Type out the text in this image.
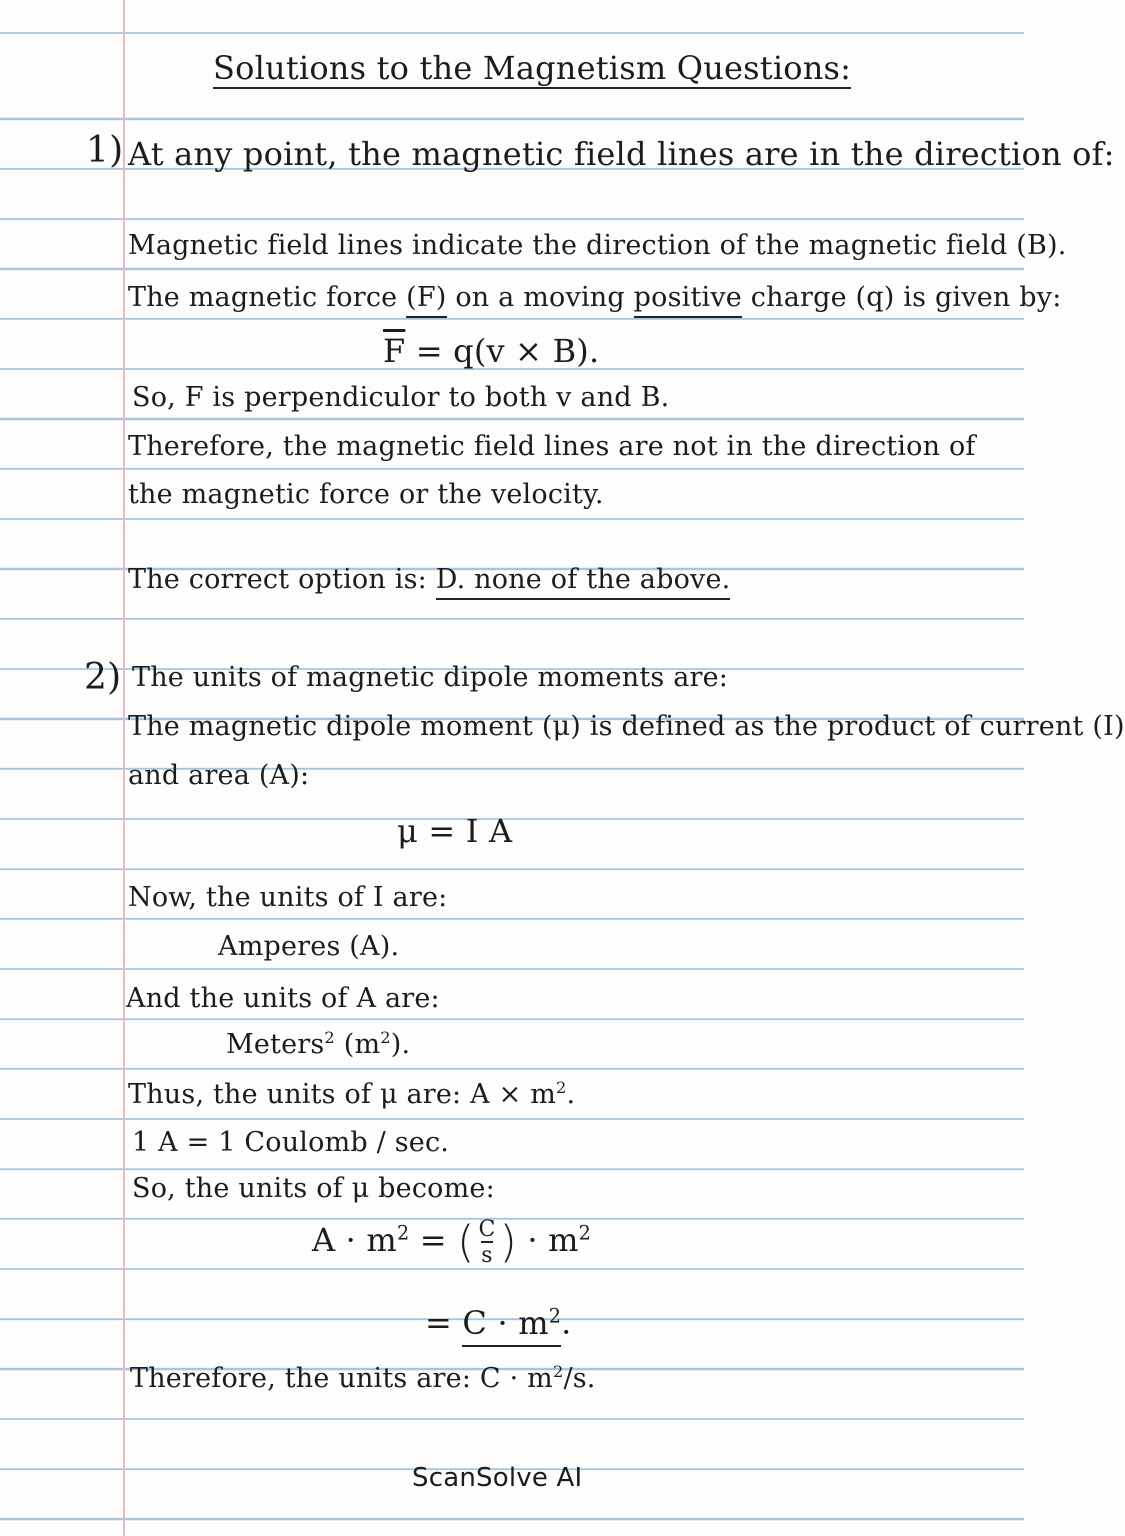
Solutions to the Magnetism Questions:
1) At any point, the magnetic field lines are in the direction of:
Magnetic field lines indicate the direction of the magnetic field (B).
The magnetic force (F) on a moving positive charge (q) is given by:
$\overline{F} = q(v \times B)$.
So, F is perpendiculor to both v and B.
Therefore, the magnetic field lines are not in the direction of
the magnetic force or the velocity.
The correct option is: D. none of the above.
2) The units of magnetic dipole moments are:
The magnetic dipole moment (μ) is defined as the product of current (I)
and area (A):
μ = I A
Now, the units of I are:
Amperes (A).
And the units of A are:
Meters$^2$ $(m^2)$.
Thus, the units of μ are: $A \times m^2$.
1 A = 1 Coulomb / sec.
So, the units of μ become:
$A \cdot m^2$ = ( $\frac{C}{s}$ ) · $m^2$
= $C \cdot m^2$.
Therefore, the units are: $C \cdot m^2/s$.
ScanSolve AI
